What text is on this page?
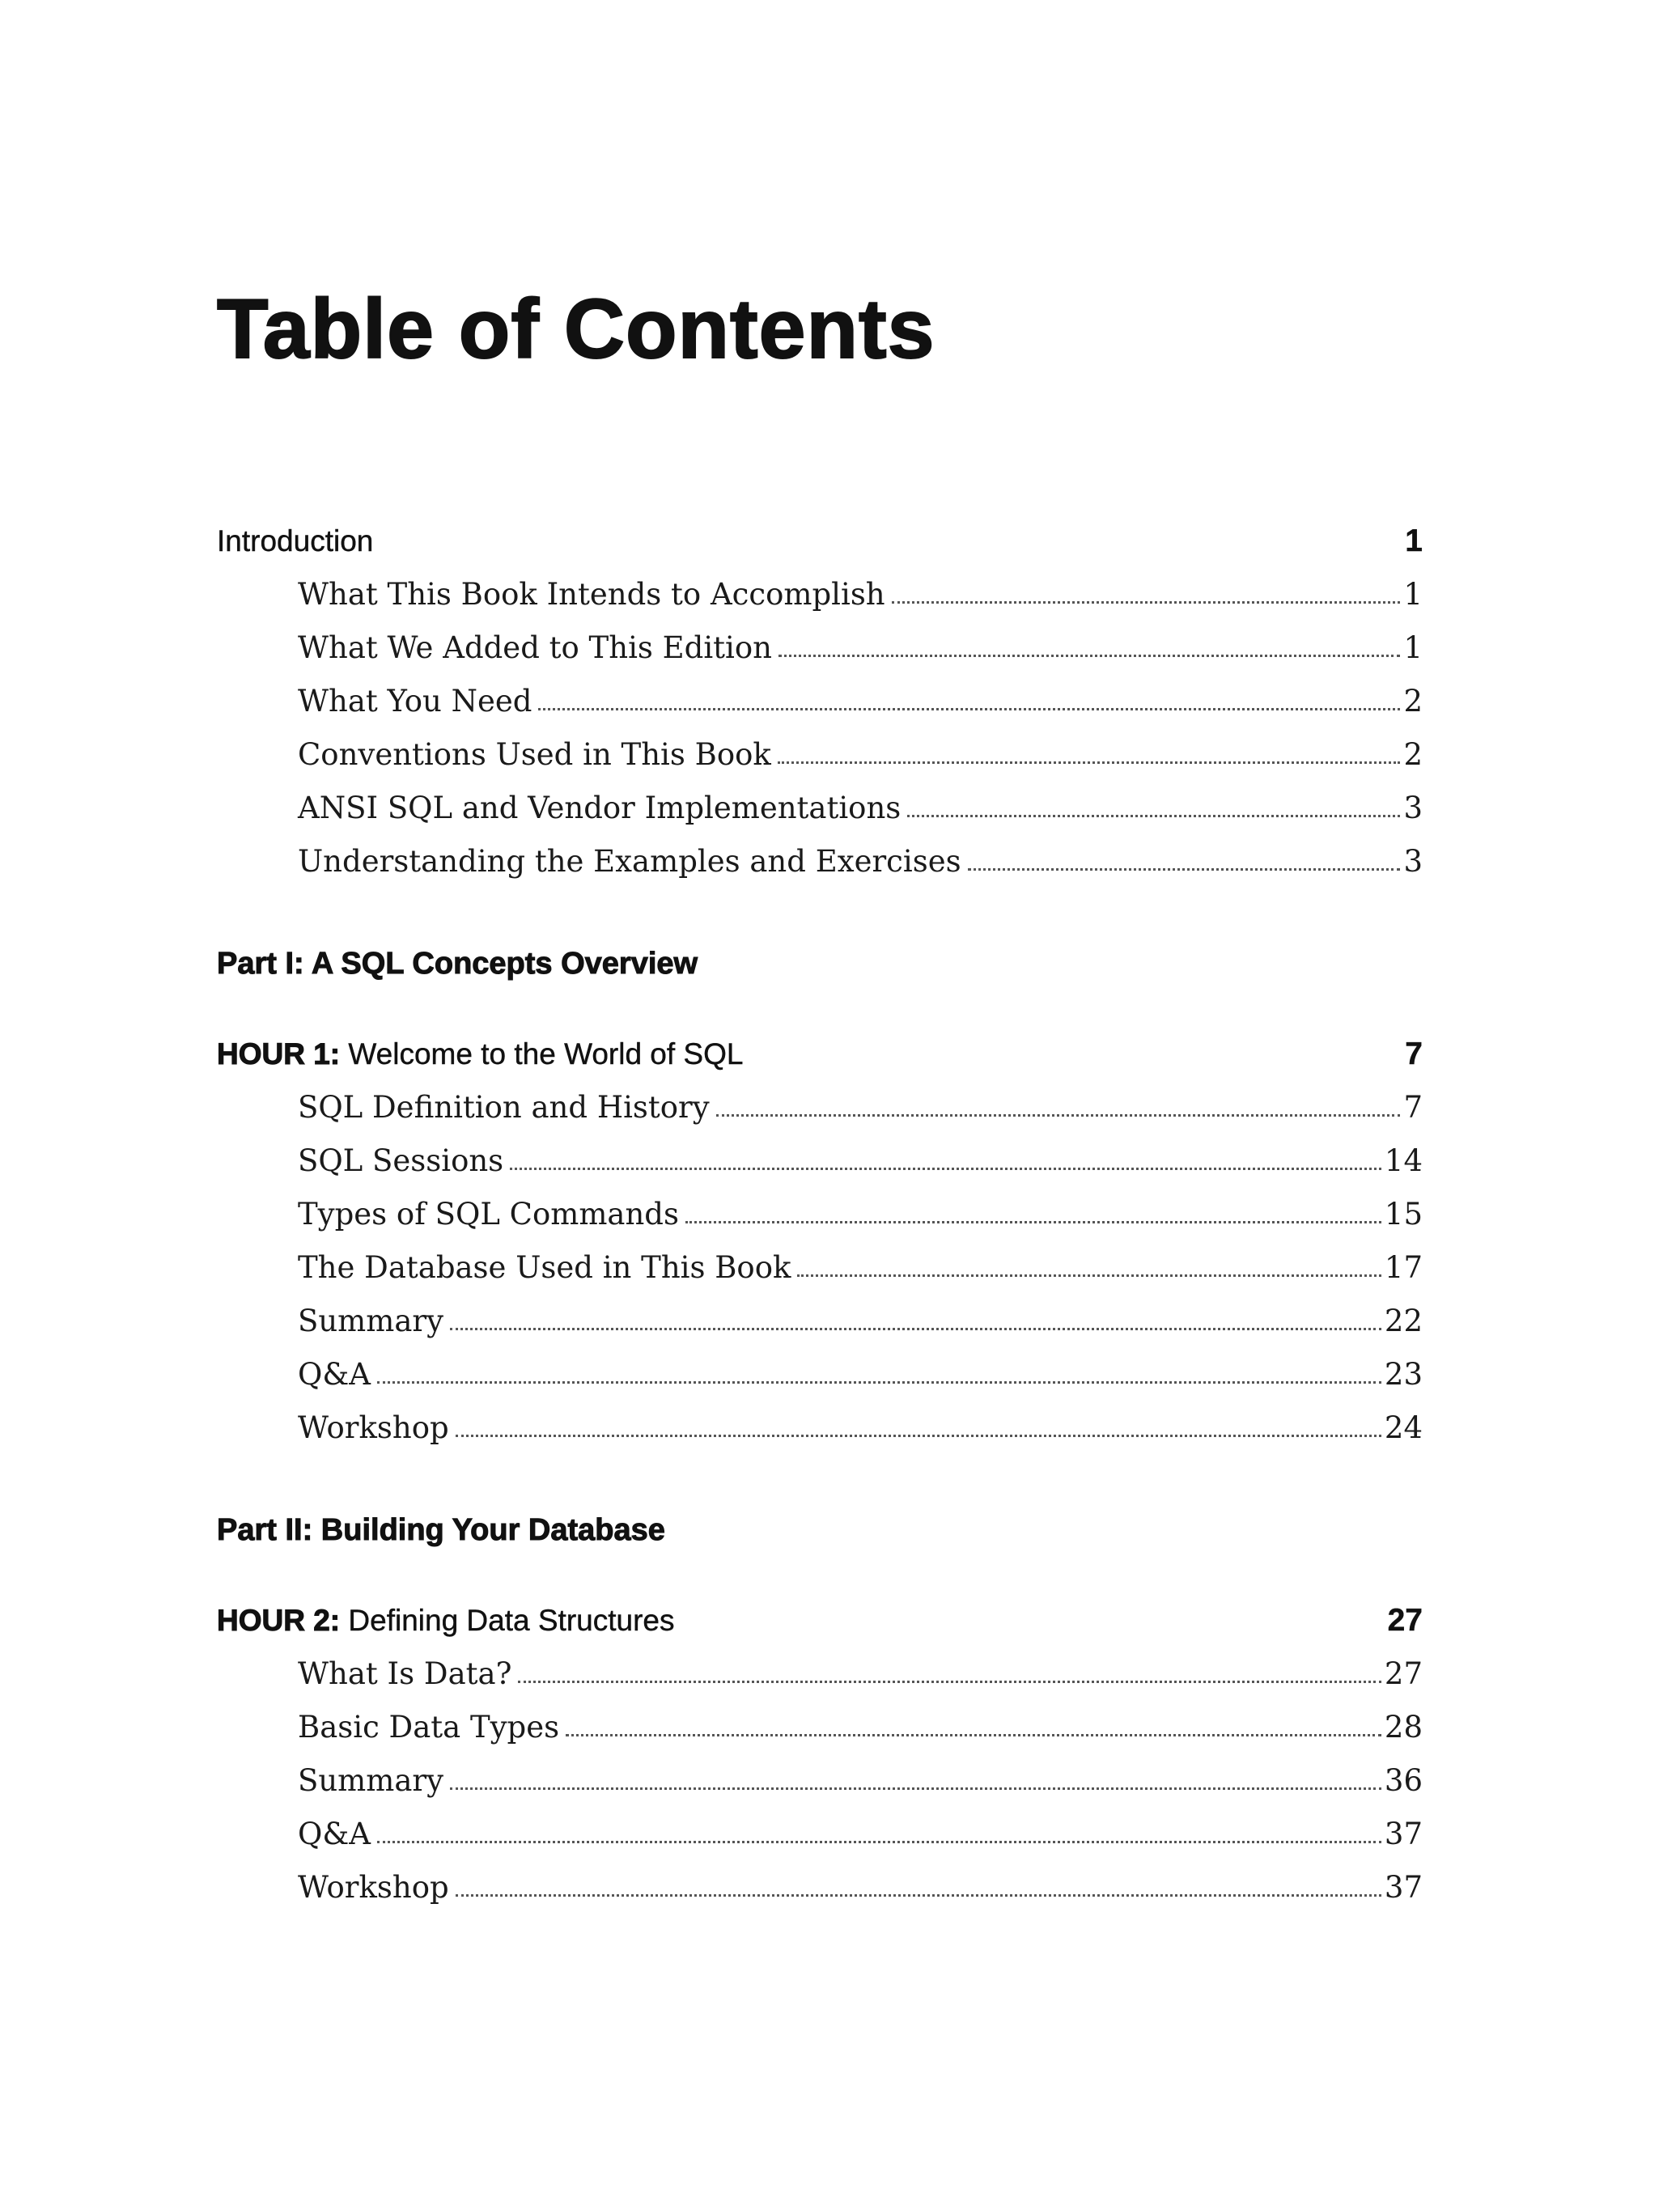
Table of Contents
Introduction	1
What This Book Intends to Accomplish	1
What We Added to This Edition	1
What You Need	2
Conventions Used in This Book	2
ANSI SQL and Vendor Implementations	3
Understanding the Examples and Exercises	3
Part I: A SQL Concepts Overview
HOUR 1: Welcome to the World of SQL	7
SQL Definition and History	7
SQL Sessions	14
Types of SQL Commands	15
The Database Used in This Book	17
Summary	22
Q&A	23
Workshop	24
Part II: Building Your Database
HOUR 2: Defining Data Structures	27
What Is Data?	27
Basic Data Types	28
Summary	36
Q&A	37
Workshop	37
